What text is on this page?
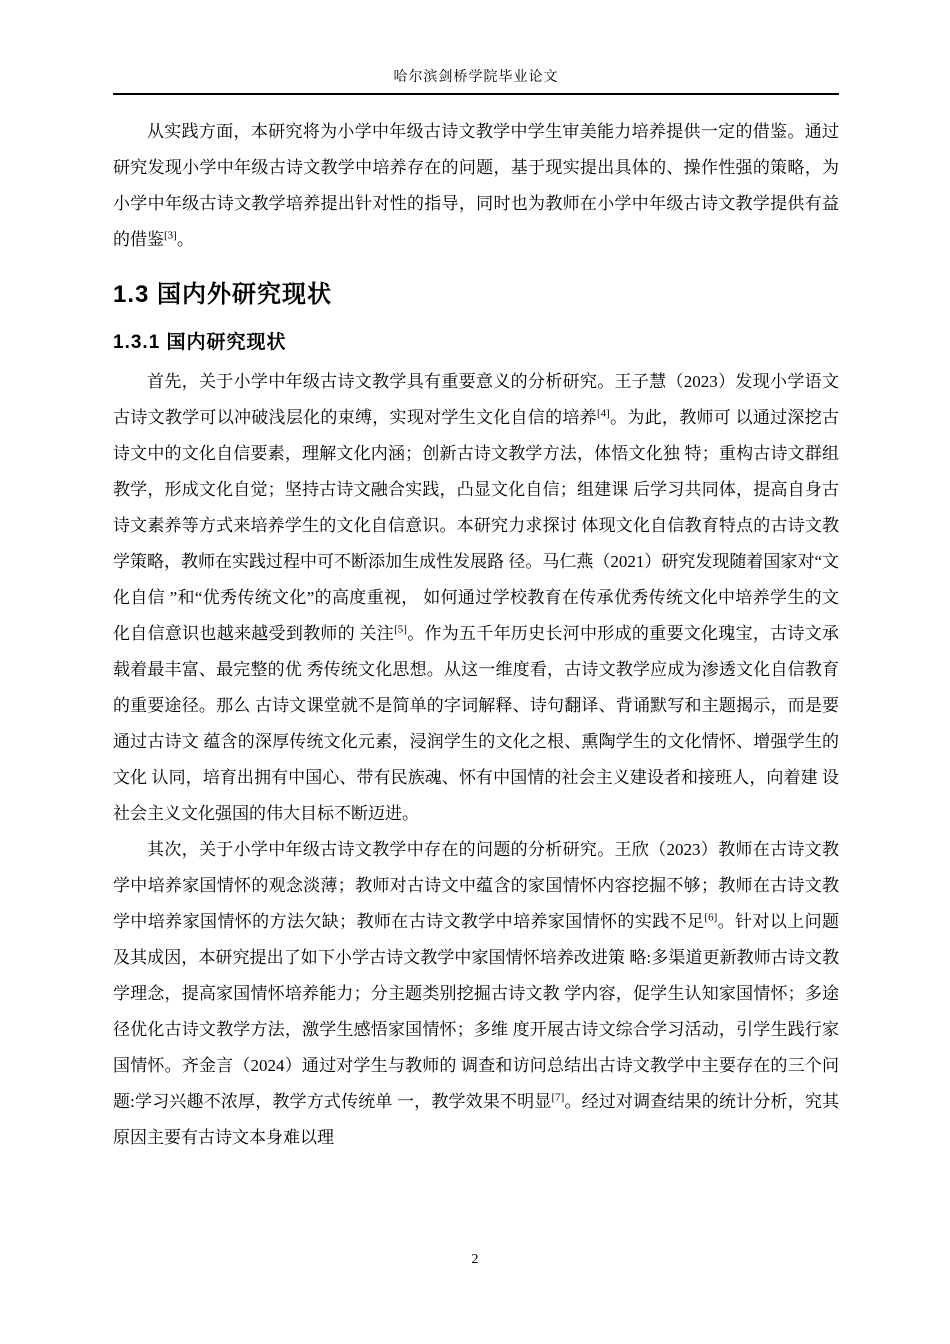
哈尔滨剑桥学院毕业论文

从实践方面，本研究将为小学中年级古诗文教学中学生审美能力培养提供一定的借鉴。通过研究发现小学中年级古诗文教学中培养存在的问题，基于现实提出具体的、操作性强的策略，为小学中年级古诗文教学培养提出针对性的指导，同时也为教师在小学中年级古诗文教学提供有益的借鉴[3]。

1.3 国内外研究现状
1.3.1 国内研究现状

首先，关于小学中年级古诗文教学具有重要意义的分析研究。王子慧（2023）发现小学语文古诗文教学可以冲破浅层化的束缚，实现对学生文化自信的培养[4]。为此，教师可 以通过深挖古诗文中的文化自信要素，理解文化内涵；创新古诗文教学方法，体悟文化独 特；重构古诗文群组教学，形成文化自觉；坚持古诗文融合实践，凸显文化自信；组建课 后学习共同体，提高自身古诗文素养等方式来培养学生的文化自信意识。本研究力求探讨 体现文化自信教育特点的古诗文教学策略，教师在实践过程中可不断添加生成性发展路 径。马仁燕（2021）研究发现随着国家对“文化自信 ”和“优秀传统文化”的高度重视， 如何通过学校教育在传承优秀传统文化中培养学生的文化自信意识也越来越受到教师的 关注[5]。作为五千年历史长河中形成的重要文化瑰宝，古诗文承载着最丰富、最完整的优 秀传统文化思想。从这一维度看，古诗文教学应成为渗透文化自信教育的重要途径。那么 古诗文课堂就不是简单的字词解释、诗句翻译、背诵默写和主题揭示，而是要通过古诗文 蕴含的深厚传统文化元素，浸润学生的文化之根、熏陶学生的文化情怀、增强学生的文化 认同，培育出拥有中国心、带有民族魂、怀有中国情的社会主义建设者和接班人，向着建 设社会主义文化强国的伟大目标不断迈进。

其次，关于小学中年级古诗文教学中存在的问题的分析研究。王欣（2023）教师在古诗文教学中培养家国情怀的观念淡薄；教师对古诗文中蕴含的家国情怀内容挖掘不够；教师在古诗文教学中培养家国情怀的方法欠缺；教师在古诗文教学中培养家国情怀的实践不足[6]。针对以上问题及其成因，本研究提出了如下小学古诗文教学中家国情怀培养改进策 略:多渠道更新教师古诗文教学理念，提高家国情怀培养能力；分主题类别挖掘古诗文教 学内容，促学生认知家国情怀；多途径优化古诗文教学方法，激学生感悟家国情怀；多维 度开展古诗文综合学习活动，引学生践行家国情怀。齐金言（2024）通过对学生与教师的 调查和访问总结出古诗文教学中主要存在的三个问题:学习兴趣不浓厚，教学方式传统单 一，教学效果不明显[7]。经过对调查结果的统计分析，究其原因主要有古诗文本身难以理

2
